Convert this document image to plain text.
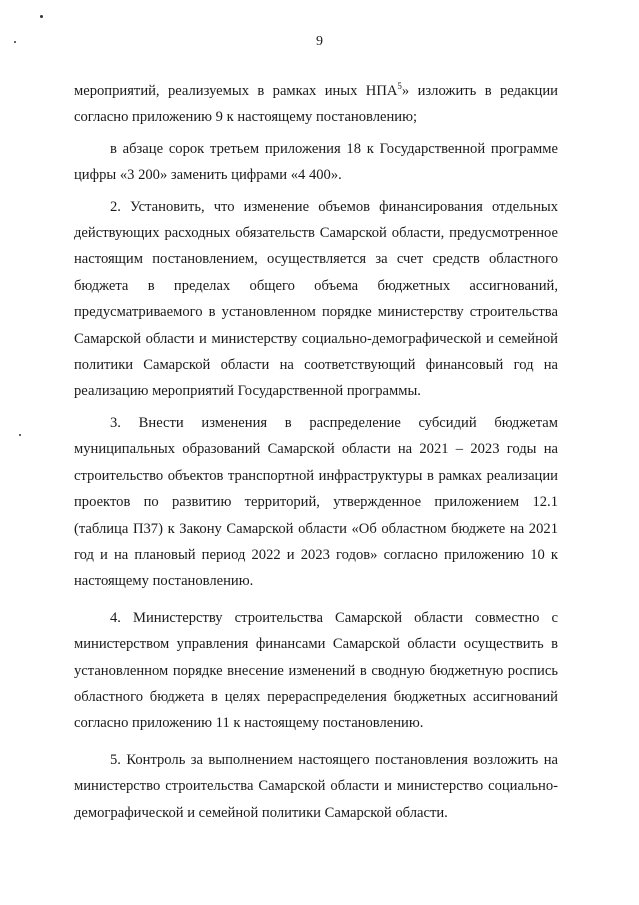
9

мероприятий, реализуемых в рамках иных НПА$^5$» изложить в редакции согласно приложению 9 к настоящему постановлению;

в абзаце сорок третьем приложения 18 к Государственной программе цифры «3 200» заменить цифрами «4 400».

2. Установить, что изменение объемов финансирования отдельных действующих расходных обязательств Самарской области, предусмотренное настоящим постановлением, осуществляется за счет средств областного бюджета в пределах общего объема бюджетных ассигнований, предусматриваемого в установленном порядке министерству строительства Самарской области и министерству социально-демографической и семейной политики Самарской области на соответствующий финансовый год на реализацию мероприятий Государственной программы.

3. Внести изменения в распределение субсидий бюджетам муниципальных образований Самарской области на 2021 – 2023 годы на строительство объектов транспортной инфраструктуры в рамках реализации проектов по развитию территорий, утвержденное приложением 12.1 (таблица П37) к Закону Самарской области «Об областном бюджете на 2021 год и на плановый период 2022 и 2023 годов» согласно приложению 10 к настоящему постановлению.

4. Министерству строительства Самарской области совместно с министерством управления финансами Самарской области осуществить в установленном порядке внесение изменений в сводную бюджетную роспись областного бюджета в целях перераспределения бюджетных ассигнований согласно приложению 11 к настоящему постановлению.

5. Контроль за выполнением настоящего постановления возложить на министерство строительства Самарской области и министерство социально-демографической и семейной политики Самарской области.
